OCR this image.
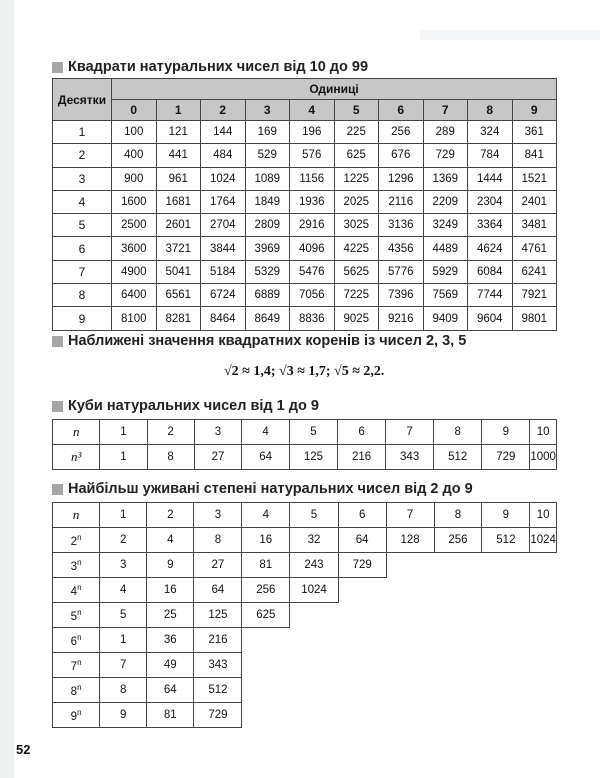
Квадрати натуральних чисел від 10 до 99
Десятки	Одиниці									
	0	1	2	3	4	5	6	7	8	9
1	100	121	144	169	196	225	256	289	324	361
2	400	441	484	529	576	625	676	729	784	841
3	900	961	1024	1089	1156	1225	1296	1369	1444	1521
4	1600	1681	1764	1849	1936	2025	2116	2209	2304	2401
5	2500	2601	2704	2809	2916	3025	3136	3249	3364	3481
6	3600	3721	3844	3969	4096	4225	4356	4489	4624	4761
7	4900	5041	5184	5329	5476	5625	5776	5929	6084	6241
8	6400	6561	6724	6889	7056	7225	7396	7569	7744	7921
9	8100	8281	8464	8649	8836	9025	9216	9409	9604	9801
Наближені значення квадратних коренів із чисел 2, 3, 5
√2 ≈ 1,4; √3 ≈ 1,7; √5 ≈ 2,2.
Куби натуральних чисел від 1 до 9
n	1	2	3	4	5	6	7	8	9	10
n³	1	8	27	64	125	216	343	512	729	1000
Найбільш уживані степені натуральних чисел від 2 до 9
n	1	2	3	4	5	6	7	8	9	10
2$^n$	2	4	8	16	32	64	128	256	512	1024
3$^n$	3	9	27	81	243	729				
4$^n$	4	16	64	256	1024					
5$^n$	5	25	125	625						
6$^n$	1	36	216							
7$^n$	7	49	343							
8$^n$	8	64	512							
9$^n$	9	81	729							
52
